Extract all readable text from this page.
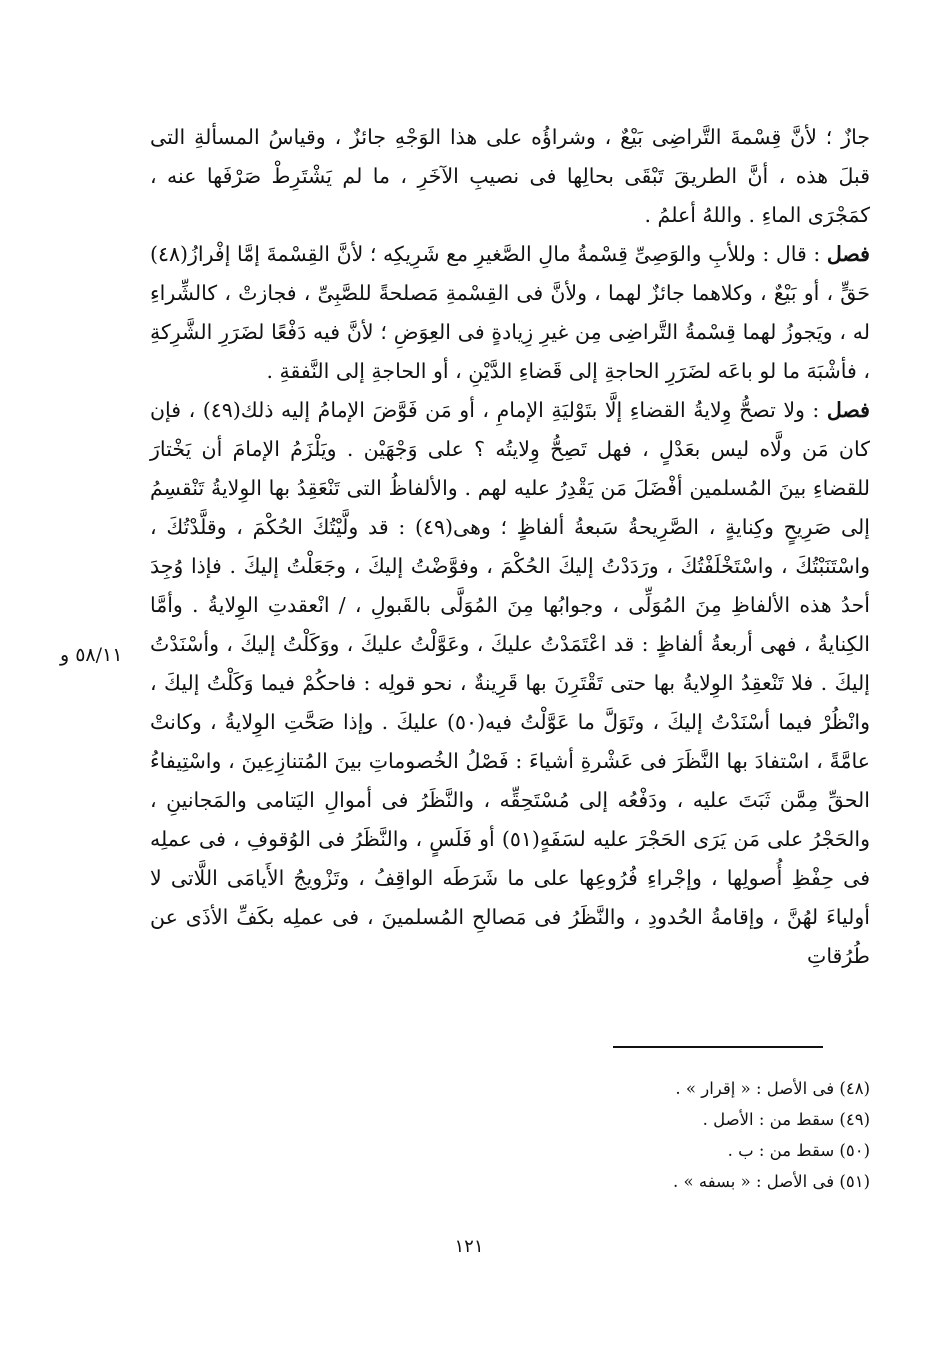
جازٌ ؛ لأنَّ قِسْمةَ التَّراضِى بَيْعٌ ، وشراؤُه على هذا الوَجْهِ جائزٌ ، وقياسُ المسألةِ التى قبلَ هذه ، أنَّ الطريقَ تَبْقَى بحالِها فى نصيبِ الآخَرِ ، ما لم يَشْتَرِطْ صَرْفَها عنه ، كمَجْرَى الماءِ . واللهُ أعلمُ .

فصل : قال : وللأبِ والوَصِىِّ قِسْمةُ مالِ الصَّغيرِ مع شَرِيكِه ؛ لأنَّ القِسْمةَ إمَّا إفْرازُ(٤٨) حَقٍّ ، أو بَيْعٌ ، وكلاهما جائزٌ لهما ، ولأنَّ فى القِسْمةِ مَصلحةً للصَّبِىِّ ، فجازتْ ، كالشِّراءِ له ، ويَجوزُ لهما قِسْمةُ التَّراضِى مِن غيرِ زِيادةٍ فى العِوَضِ ؛ لأنَّ فيه دَفْعًا لضَرَرِ الشَّرِكةِ ، فأشْبَهَ ما لو باعَه لضَرَرِ الحاجةِ إلى قَضاءِ الدَّيْنِ ، أو الحاجةِ إلى النَّفقةِ .

فصل : ولا تصحُّ وِلايةُ القضاءِ إلَّا بتَوْليَةِ الإمامِ ، أو مَن فَوَّضَ الإمامُ إليه ذلك(٤٩) ، فإن كان مَن ولَّاه ليس بعَدْلٍ ، فهل تَصِحُّ وِلايتُه ؟ على وَجْهَيْن . ويَلْزَمُ الإمامَ أن يَخْتارَ للقضاءِ بينَ المُسلمين أفْضَلَ مَن يَقْدِرُ عليه لهم . والألفاظُ التى تَنْعَقِدُ بها الوِلايةُ تَنْقسِمُ إلى صَرِيحٍ وكِنايةٍ ، الصَّرِيحةُ سَبعةُ ألفاظٍ ؛ وهى(٤٩) : قد ولَّيْتُكَ الحُكْمَ ، وقلَّدْتُكَ ، واسْتَنَبْتُكَ ، واسْتَخْلَفْتُكَ ، ورَدَدْتُ إليكَ الحُكْمَ ، وفوَّضْتُ إليكَ ، وجَعَلْتُ إليكَ . فإذا وُجِدَ أحدُ هذه الألفاظِ مِنَ المُوَلِّى ، وجوابُها مِنَ المُوَلَّى بالقَبولِ ، / انْعقدتِ الوِلايةُ . وأمَّا الكِنايةُ ، فهى أربعةُ ألفاظٍ : قد اعْتَمَدْتُ عليكَ ، وعَوَّلْتُ عليكَ ، ووَكَلْتُ إليكَ ، وأسْنَدْتُ إليكَ . فلا تَنْعقِدُ الوِلايةُ بها حتى تَقْتَرِنَ بها قَرِينةٌ ، نحو قولِه : فاحكُمْ فيما وَكَلْتُ إليكَ ، وانْظُرْ فيما أسْنَدْتُ إليكَ ، وتَوَلَّ ما عَوَّلْتُ فيه(٥٠) عليكَ . وإذا صَحَّتِ الوِلايةُ ، وكانتْ عامَّةً ، اسْتفادَ بها النَّظَرَ فى عَشْرةِ أشياءَ : فَصْلُ الخُصوماتِ بينَ المُتنازِعِينَ ، واسْتِيفاءُ الحقِّ مِمَّن ثَبَتَ عليه ، ودَفْعُه إلى مُسْتَحِقِّه ، والنَّظَرُ فى أموالِ اليَتامى والمَجانينِ ، والحَجْرُ على مَن يَرَى الحَجْرَ عليه لسَفَهٍ(٥١) أو فَلَسٍ ، والنَّظَرُ فى الوُقوفِ ، فى عملِه فى حِفْظِ أُصولِها ، وإجْراءِ فُرُوعِها على ما شَرَطَه الواقِفُ ، وتَزْويجُ الأَيامَى اللَّاتى لا أولياءَ لهُنَّ ، وإقامةُ الحُدودِ ، والنَّظَرُ فى مَصالحِ المُسلمينَ ، فى عملِه بكَفِّ الأذَى عن طُرُقاتِ

٥٨/١١ و
(٤٨) فى الأصل : « إقرار » .
(٤٩) سقط من : الأصل .
(٥٠) سقط من : ب .
(٥١) فى الأصل : « بسفه » .
١٢١
